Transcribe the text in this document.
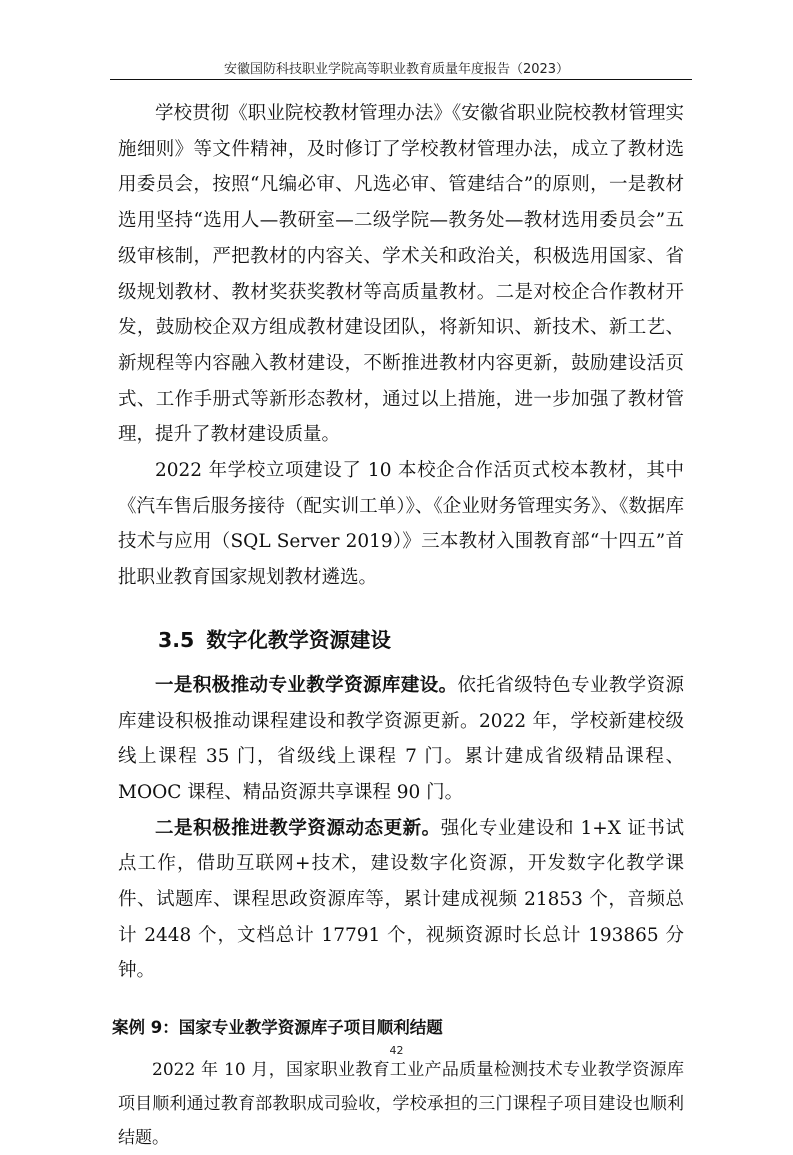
安徽国防科技职业学院高等职业教育质量年度报告（2023）

学校贯彻《职业院校教材管理办法》《安徽省职业院校教材管理实施细则》等文件精神，及时修订了学校教材管理办法，成立了教材选用委员会，按照“凡编必审、凡选必审、管建结合”的原则，一是教材选用坚持“选用人—教研室—二级学院—教务处—教材选用委员会”五级审核制，严把教材的内容关、学术关和政治关，积极选用国家、省级规划教材、教材奖获奖教材等高质量教材。二是对校企合作教材开发，鼓励校企双方组成教材建设团队，将新知识、新技术、新工艺、新规程等内容融入教材建设，不断推进教材内容更新，鼓励建设活页式、工作手册式等新形态教材，通过以上措施，进一步加强了教材管理，提升了教材建设质量。

2022 年学校立项建设了 10 本校企合作活页式校本教材，其中《汽车售后服务接待（配实训工单）》、《企业财务管理实务》、《数据库技术与应用（SQL Server 2019）》三本教材入围教育部“十四五”首批职业教育国家规划教材遴选。

3.5 数字化教学资源建设

一是积极推动专业教学资源库建设。依托省级特色专业教学资源库建设积极推动课程建设和教学资源更新。2022 年，学校新建校级线上课程 35 门，省级线上课程 7 门。累计建成省级精品课程、MOOC 课程、精品资源共享课程 90 门。

二是积极推进教学资源动态更新。强化专业建设和 1+X 证书试点工作，借助互联网+技术，建设数字化资源，开发数字化教学课件、试题库、课程思政资源库等，累计建成视频 21853 个，音频总计 2448 个，文档总计 17791 个，视频资源时长总计 193865 分钟。

案例 9：国家专业教学资源库子项目顺利结题

2022 年 10 月，国家职业教育工业产品质量检测技术专业教学资源库项目顺利通过教育部教职成司验收，学校承担的三门课程子项目建设也顺利结题。

42
